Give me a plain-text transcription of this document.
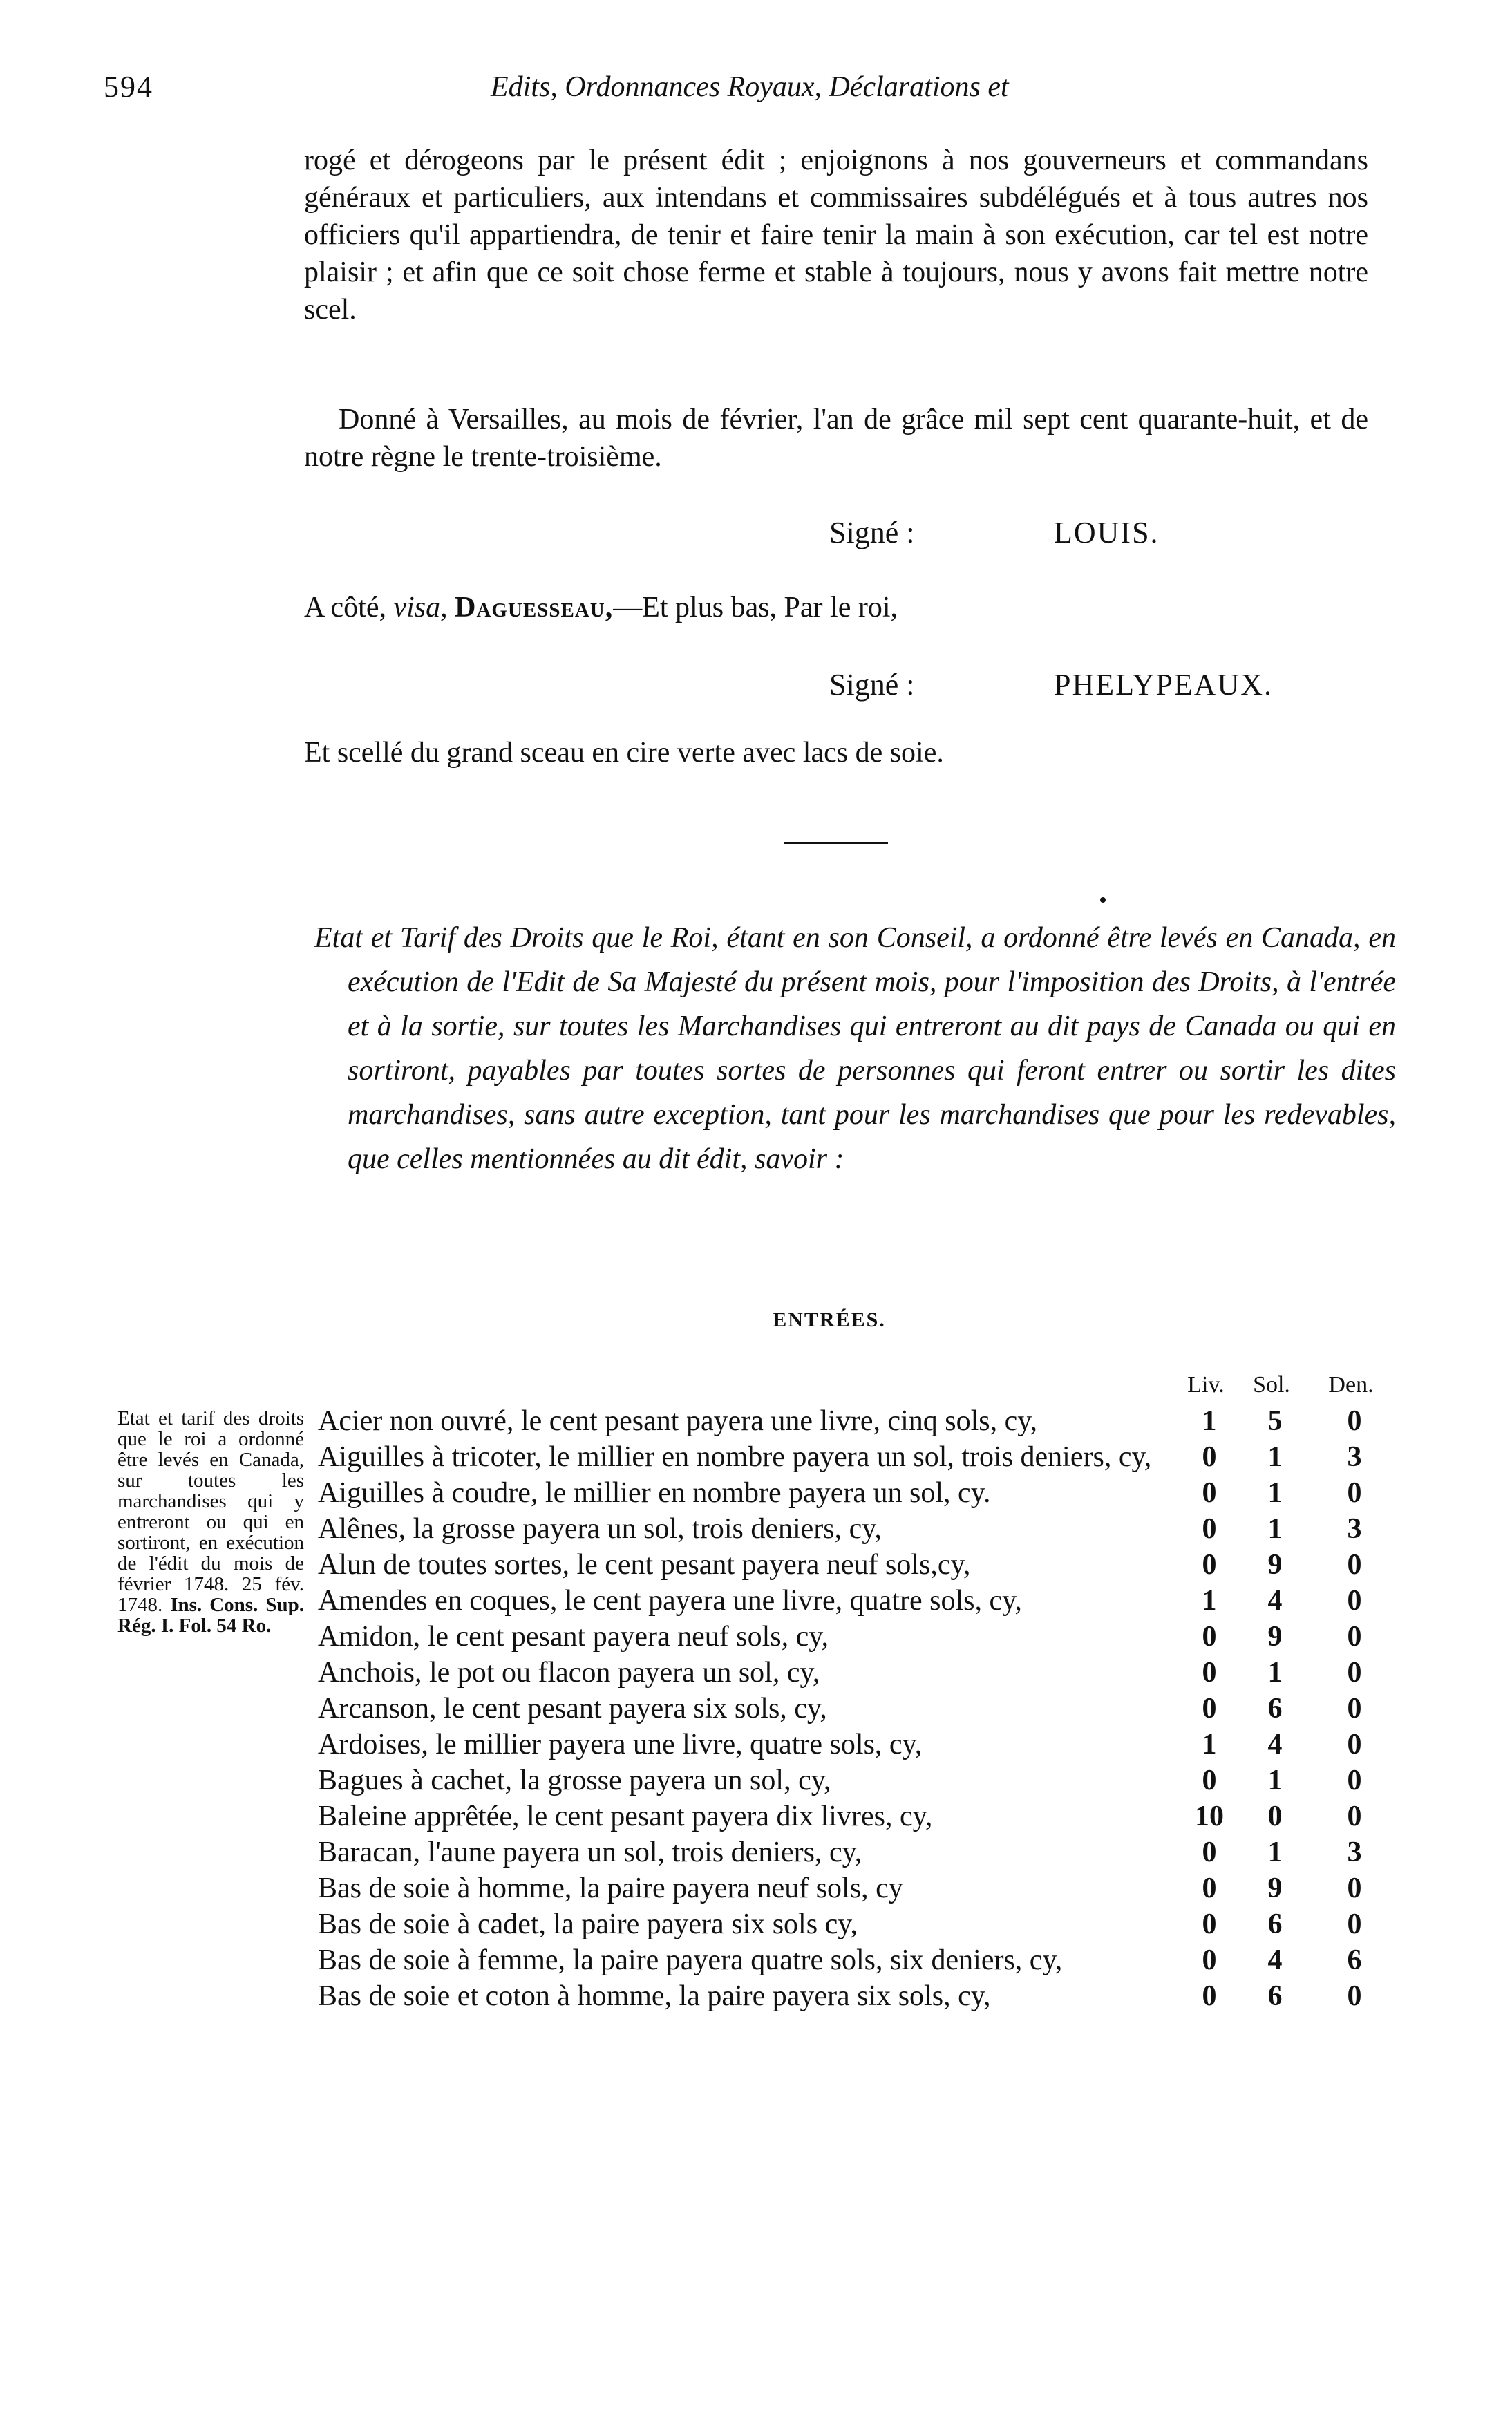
594	Edits, Ordonnances Royaux, Déclarations et
rogé et dérogeons par le présent édit ; enjoignons à nos gouverneurs et commandans généraux et particuliers, aux intendans et commissaires subdélégués et à tous autres nos officiers qu'il appartiendra, de tenir et faire tenir la main à son exécution, car tel est notre plaisir ; et afin que ce soit chose ferme et stable à toujours, nous y avons fait mettre notre scel.
Donné à Versailles, au mois de février, l'an de grâce mil sept cent quarante-huit, et de notre règne le trente-troisième.
Signé :	LOUIS.
A côté, visa, Daguesseau,—Et plus bas, Par le roi,
Signé :	PHELYPEAUX.
Et scellé du grand sceau en cire verte avec lacs de soie.
Etat et Tarif des Droits que le Roi, étant en son Conseil, a ordonné être levés en Canada, en exécution de l'Edit de Sa Majesté du présent mois, pour l'imposition des Droits, à l'entrée et à la sortie, sur toutes les Marchandises qui entreront au dit pays de Canada ou qui en sortiront, payables par toutes sortes de personnes qui feront entrer ou sortir les dites marchandises, sans autre exception, tant pour les marchandises que pour les redevables, que celles mentionnées au dit édit, savoir :
ENTRÉES.
Liv.	Sol.	Den.
Etat et tarif des droits que le roi a ordonné être levés en Canada, sur toutes les marchandises qui y entreront ou qui en sortiront, en exécution de l'édit du mois de février 1748. 25 fév. 1748. Ins. Cons. Sup. Rég. I. Fol. 54 Ro.
Acier non ouvré, le cent pesant payera une livre, cinq sols, cy,	1	5	0
Aiguilles à tricoter, le millier en nombre payera un sol, trois deniers, cy,	0	1	3
Aiguilles à coudre, le millier en nombre payera un sol, cy.	0	1	0
Alênes, la grosse payera un sol, trois deniers, cy,	0	1	3
Alun de toutes sortes, le cent pesant payera neuf sols,cy,	0	9	0
Amendes en coques, le cent payera une livre, quatre sols, cy,	1	4	0
Amidon, le cent pesant payera neuf sols, cy,	0	9	0
Anchois, le pot ou flacon payera un sol, cy,	0	1	0
Arcanson, le cent pesant payera six sols, cy,	0	6	0
Ardoises, le millier payera une livre, quatre sols, cy,	1	4	0
Bagues à cachet, la grosse payera un sol, cy,	0	1	0
Baleine apprêtée, le cent pesant payera dix livres, cy,	10	0	0
Baracan, l'aune payera un sol, trois deniers, cy,	0	1	3
Bas de soie à homme, la paire payera neuf sols, cy	0	9	0
Bas de soie à cadet, la paire payera six sols cy,	0	6	0
Bas de soie à femme, la paire payera quatre sols, six deniers, cy,	0	4	6
Bas de soie et coton à homme, la paire payera six sols, cy,	0	6	0
